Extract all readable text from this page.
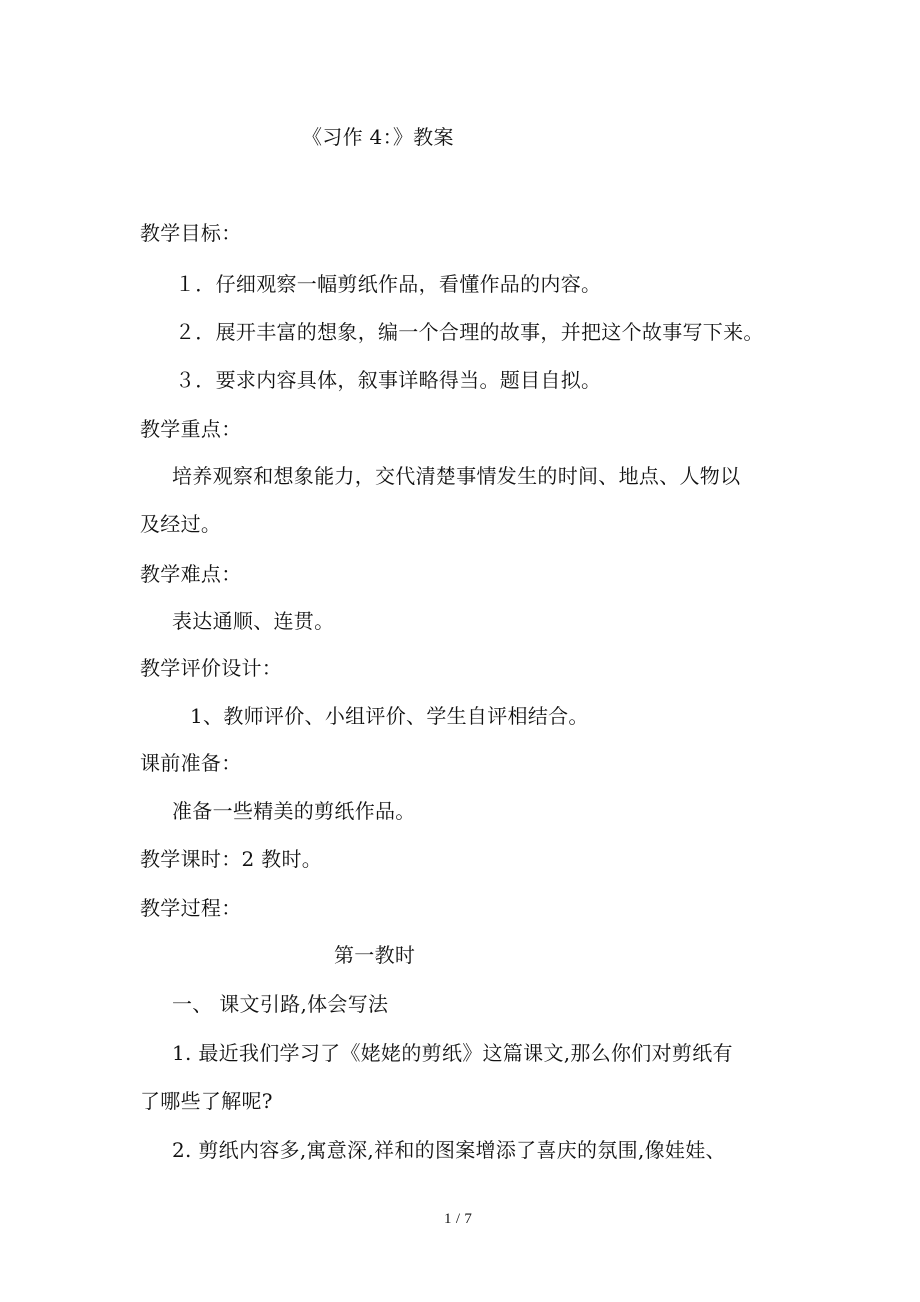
《习作 4：》教案
教学目标：
１．仔细观察一幅剪纸作品，看懂作品的内容。
２．展开丰富的想象，编一个合理的故事，并把这个故事写下来。
３．要求内容具体，叙事详略得当。题目自拟。
教学重点：
培养观察和想象能力，交代清楚事情发生的时间、地点、人物以
及经过。
教学难点：
表达通顺、连贯。
教学评价设计：
1、教师评价、小组评价、学生自评相结合。
课前准备：
准备一些精美的剪纸作品。
教学课时：2 教时。
教学过程：
第一教时
一、 课文引路,体会写法
1. 最近我们学习了《姥姥的剪纸》这篇课文,那么你们对剪纸有
了哪些了解呢?
2. 剪纸内容多,寓意深,祥和的图案增添了喜庆的氛围,像娃娃、
1 / 7
